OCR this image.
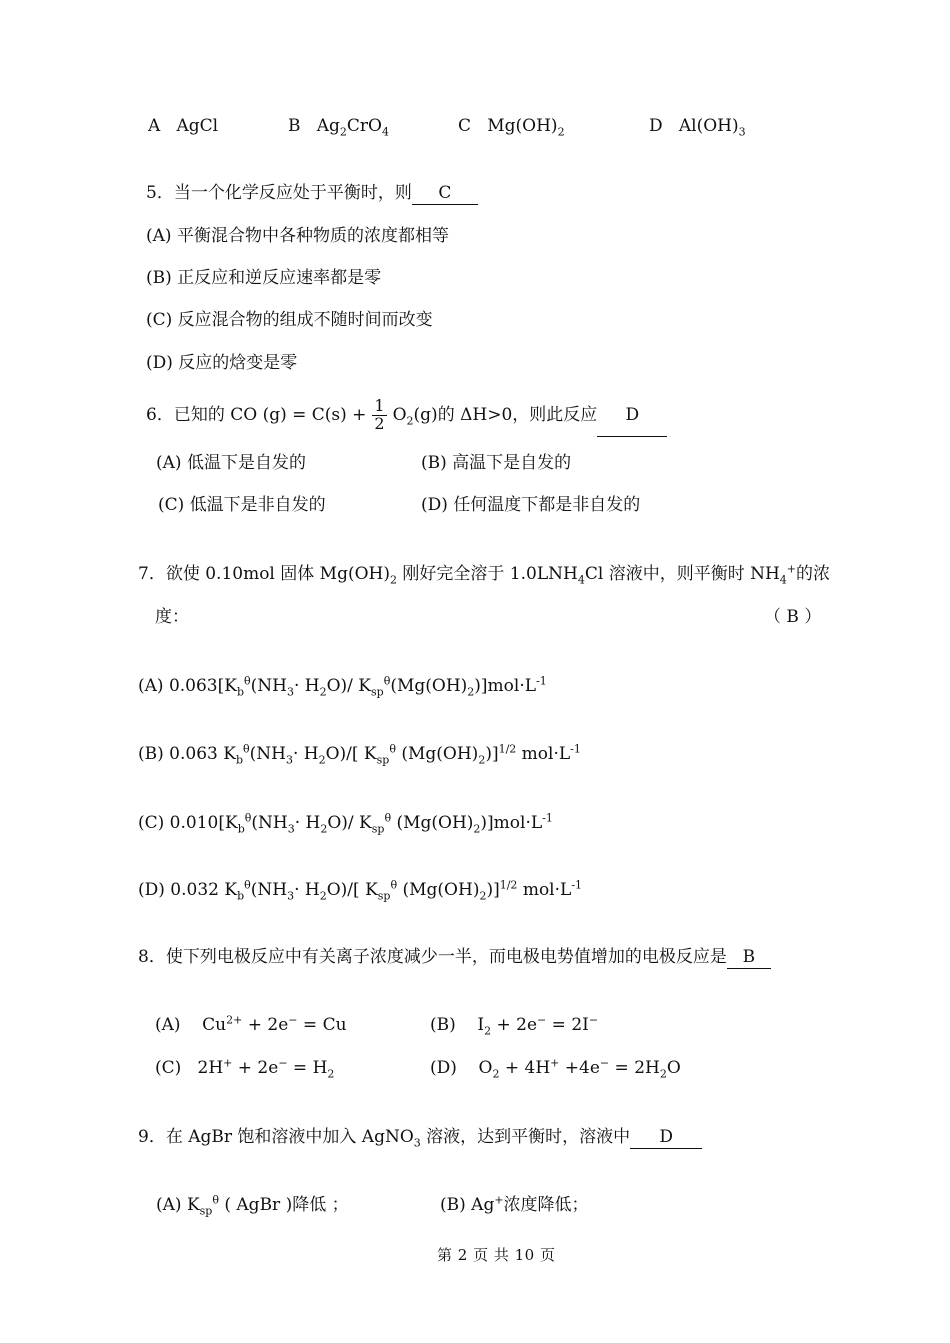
A AgCl	B $Ag_2CrO_4$	C $Mg(OH)_2$	D $Al(OH)_3$
5．当一个化学反应处于平衡时，则 C
(A) 平衡混合物中各种物质的浓度都相等
(B) 正反应和逆反应速率都是零
(C) 反应混合物的组成不随时间而改变
(D) 反应的焓变是零
6．已知的 CO $(g) = C(s) + \frac{1}{2} O_2(g)$的 ΔH>0，则此反应 D
(A) 低温下是自发的	(B) 高温下是自发的
(C) 低温下是非自发的	(D) 任何温度下都是非自发的
7．欲使 0.10mol 固体 $Mg(OH)_2$ 刚好完全溶于 $1.0LNH_4Cl$ 溶液中，则平衡时 $NH_4^+$的浓
度：	（ B ）
(A) $0.063[K_b^\theta(NH_3\cdot H_2O)/$ $K_{sp}^\theta(Mg(OH)_2)]mol\cdot L^{-1}$
(B) 0.063 $K_b^\theta(NH_3\cdot H_2O)/$[ $K_{sp}^\theta$ $(Mg(OH)_2)]^{1/2}$ $mol\cdot L^{-1}$
(C) $0.010[K_b^\theta(NH_3\cdot H_2O)/$ $K_{sp}^\theta$ $(Mg(OH)_2)]mol\cdot L^{-1}$
(D) 0.032 $K_b^\theta(NH_3\cdot H_2O)/$[ $K_{sp}^\theta$ $(Mg(OH)_2)]^{1/2}$ $mol\cdot L^{-1}$
8．使下列电极反应中有关离子浓度减少一半，而电极电势值增加的电极反应是 B
(A) $Cu^{2+} + 2e^- = Cu$	(B) $I_2 + 2e^- = 2I^-$
(C) $2H^+ + 2e^- = H_2$	(D) $O_2 + 4H^+ +4e^- = 2H_2O$
9．在 AgBr 饱和溶液中加入 AgNO$_3$ 溶液，达到平衡时，溶液中 D
(A) $K_{sp}^\theta$ ( AgBr )降低 ；	(B) Ag+浓度降低；
第 2 页 共 10 页
